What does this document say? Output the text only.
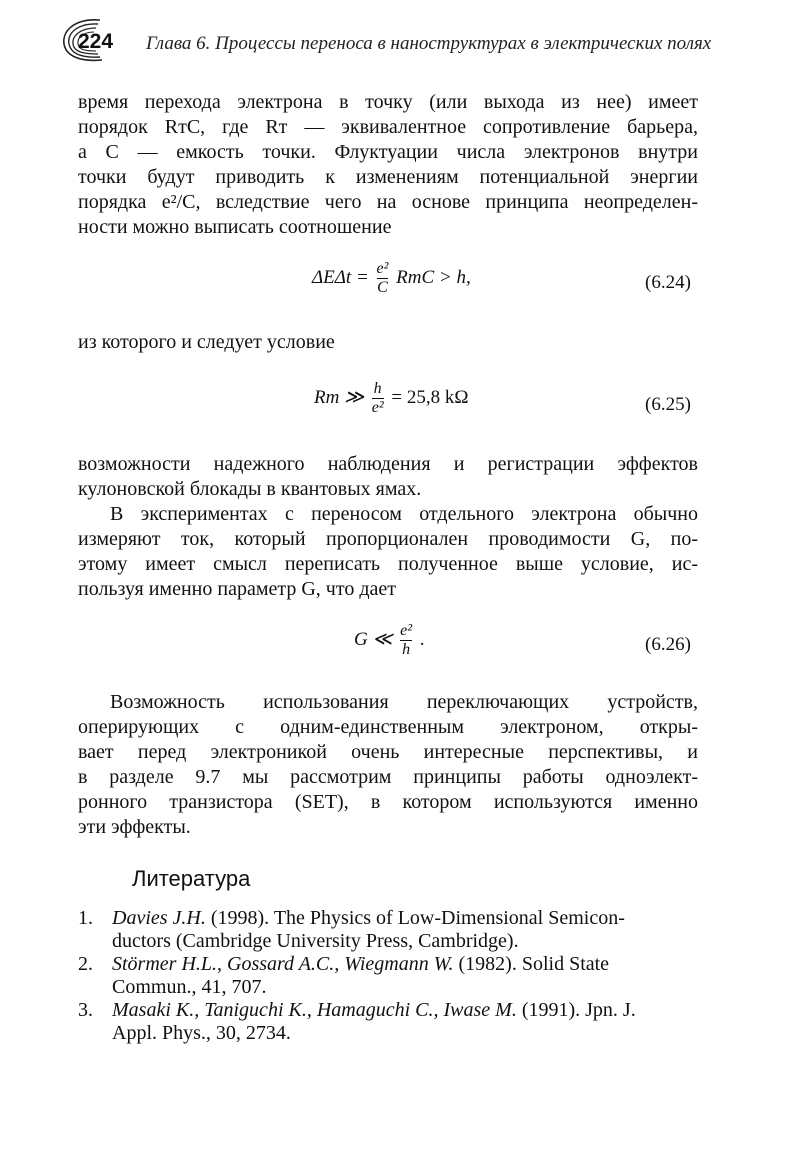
224 Глава 6. Процессы переноса в наноструктурах в электрических полях
время перехода электрона в точку (или выхода из нее) имеет
порядок RтC, где Rт — эквивалентное сопротивление барьера,
а C — емкость точки. Флуктуации числа электронов внутри
точки будут приводить к изменениям потенциальной энергии
порядка e²/C, вследствие чего на основе принципа неопределен-
ности можно выписать соотношение
$\Delta E\Delta t = \frac{\text{e²}}{C}$ RтC > h,	(6.24)
из которого и следует условие
Rт ≫ $\frac{h}{\text{e²}} = 25,8$ kΩ	(6.25)
возможности надежного наблюдения и регистрации эффектов
кулоновской блокады в квантовых ямах.
В экспериментах с переносом отдельного электрона обычно
измеряют ток, который пропорционален проводимости G, по-
этому имеет смысл переписать полученное выше условие, ис-
пользуя именно параметр G, что дает
G ≪ $\frac{\text{e²}}{h}$ .	(6.26)
Возможность использования переключающих устройств,
оперирующих с одним-единственным электроном, откры-
вает перед электроникой очень интересные перспективы, и
в разделе 9.7 мы рассмотрим принципы работы одноэлект-
ронного транзистора (SET), в котором используются именно
эти эффекты.
Литература
1. Davies J.H. (1998). The Physics of Low-Dimensional Semicon-
ductors (Cambridge University Press, Cambridge).
2. Störmer H.L., Gossard A.C., Wiegmann W. (1982). Solid State
Commun., 41, 707.
3. Masaki K., Taniguchi K., Hamaguchi C., Iwase M. (1991). Jpn. J.
Appl. Phys., 30, 2734.
